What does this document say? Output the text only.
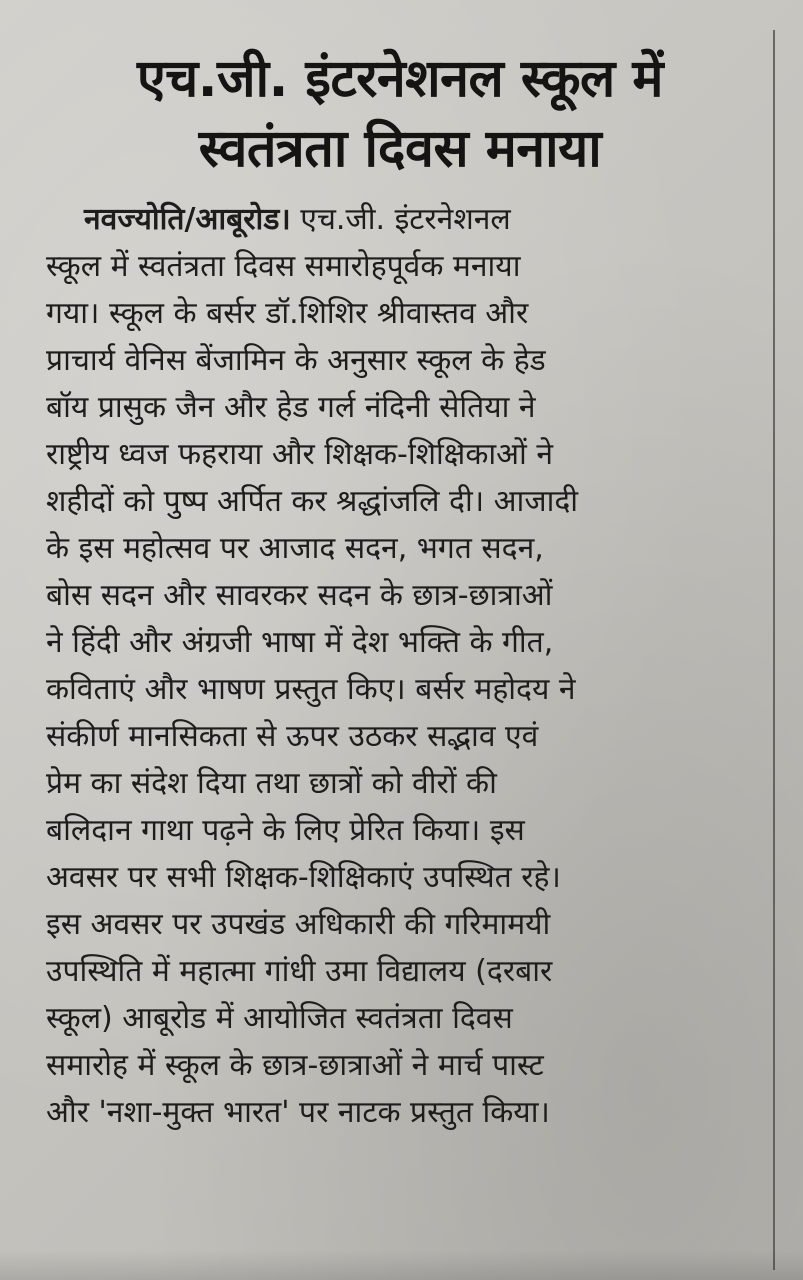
एच.जी. इंटरनेशनल स्कूल में
स्वतंत्रता दिवस मनाया
नवज्योति/आबूरोड। एच.जी. इंटरनेशनल
स्कूल में स्वतंत्रता दिवस समारोहपूर्वक मनाया
गया। स्कूल के बर्सर डॉ.शिशिर श्रीवास्तव और
प्राचार्य वेनिस बेंजामिन के अनुसार स्कूल के हेड
बॉय प्रासुक जैन और हेड गर्ल नंदिनी सेतिया ने
राष्ट्रीय ध्वज फहराया और शिक्षक-शिक्षिकाओं ने
शहीदों को पुष्प अर्पित कर श्रद्धांजलि दी। आजादी
के इस महोत्सव पर आजाद सदन, भगत सदन,
बोस सदन और सावरकर सदन के छात्र-छात्राओं
ने हिंदी और अंग्रजी भाषा में देश भक्ति के गीत,
कविताएं और भाषण प्रस्तुत किए। बर्सर महोदय ने
संकीर्ण मानसिकता से ऊपर उठकर सद्भाव एवं
प्रेम का संदेश दिया तथा छात्रों को वीरों की
बलिदान गाथा पढ़ने के लिए प्रेरित किया। इस
अवसर पर सभी शिक्षक-शिक्षिकाएं उपस्थित रहे।
इस अवसर पर उपखंड अधिकारी की गरिमामयी
उपस्थिति में महात्मा गांधी उमा विद्यालय (दरबार
स्कूल) आबूरोड में आयोजित स्वतंत्रता दिवस
समारोह में स्कूल के छात्र-छात्राओं ने मार्च पास्ट
और 'नशा-मुक्त भारत' पर नाटक प्रस्तुत किया।
